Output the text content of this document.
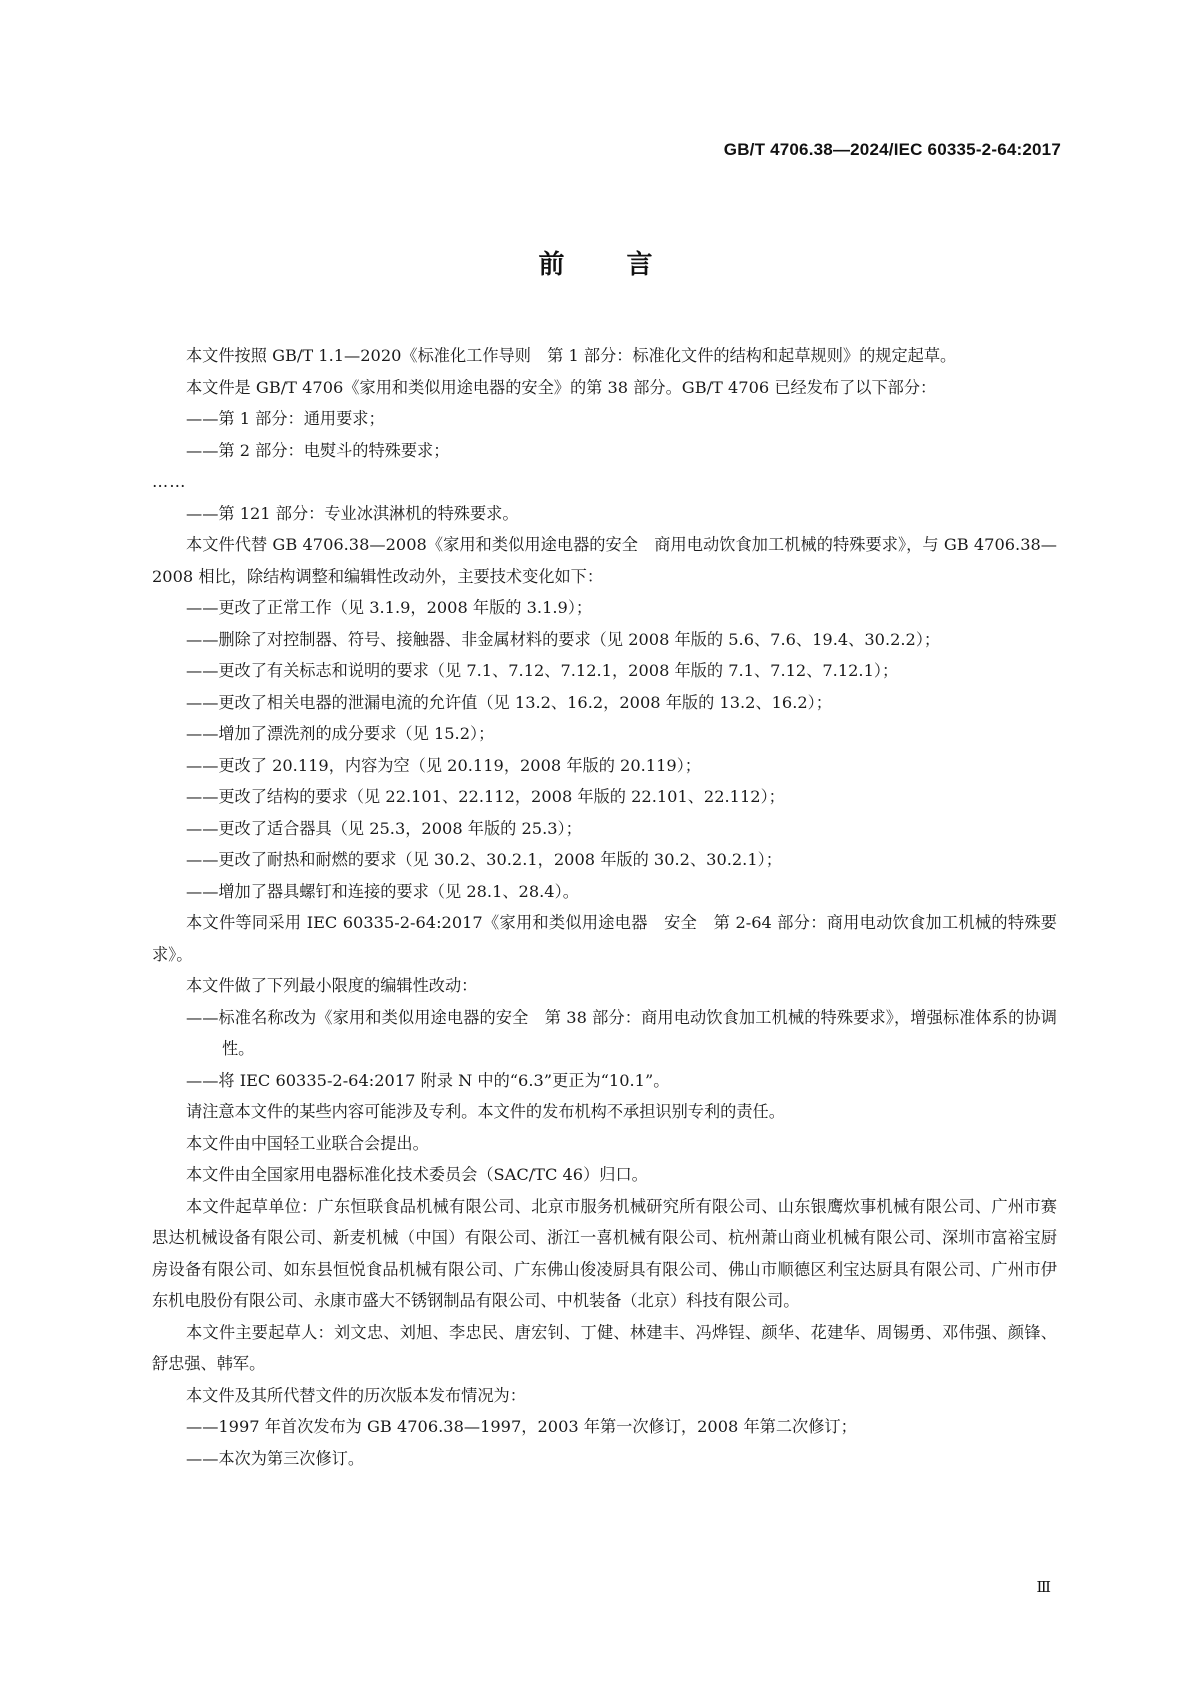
GB/T 4706.38—2024/IEC 60335-2-64:2017
前言

本文件按照 GB/T 1.1—2020《标准化工作导则　第 1 部分：标准化文件的结构和起草规则》的规定起草。

本文件是 GB/T 4706《家用和类似用途电器的安全》的第 38 部分。GB/T 4706 已经发布了以下部分：

——第 1 部分：通用要求；

——第 2 部分：电熨斗的特殊要求；

……

——第 121 部分：专业冰淇淋机的特殊要求。

本文件代替 GB 4706.38—2008《家用和类似用途电器的安全　商用电动饮食加工机械的特殊要求》，与 GB 4706.38—2008 相比，除结构调整和编辑性改动外，主要技术变化如下：

——更改了正常工作（见 3.1.9，2008 年版的 3.1.9）；

——删除了对控制器、符号、接触器、非金属材料的要求（见 2008 年版的 5.6、7.6、19.4、30.2.2）；

——更改了有关标志和说明的要求（见 7.1、7.12、7.12.1，2008 年版的 7.1、7.12、7.12.1）；

——更改了相关电器的泄漏电流的允许值（见 13.2、16.2，2008 年版的 13.2、16.2）；

——增加了漂洗剂的成分要求（见 15.2）；

——更改了 20.119，内容为空（见 20.119，2008 年版的 20.119）；

——更改了结构的要求（见 22.101、22.112，2008 年版的 22.101、22.112）；

——更改了适合器具（见 25.3，2008 年版的 25.3）；

——更改了耐热和耐燃的要求（见 30.2、30.2.1，2008 年版的 30.2、30.2.1）；

——增加了器具螺钉和连接的要求（见 28.1、28.4）。

本文件等同采用 IEC 60335-2-64:2017《家用和类似用途电器　安全　第 2-64 部分：商用电动饮食加工机械的特殊要求》。

本文件做了下列最小限度的编辑性改动：

——标准名称改为《家用和类似用途电器的安全　第 38 部分：商用电动饮食加工机械的特殊要求》，增强标准体系的协调性。

——将 IEC 60335-2-64:2017 附录 N 中的“6.3”更正为“10.1”。

请注意本文件的某些内容可能涉及专利。本文件的发布机构不承担识别专利的责任。

本文件由中国轻工业联合会提出。

本文件由全国家用电器标准化技术委员会（SAC/TC 46）归口。

本文件起草单位：广东恒联食品机械有限公司、北京市服务机械研究所有限公司、山东银鹰炊事机械有限公司、广州市赛思达机械设备有限公司、新麦机械（中国）有限公司、浙江一喜机械有限公司、杭州萧山商业机械有限公司、深圳市富裕宝厨房设备有限公司、如东县恒悦食品机械有限公司、广东佛山俊凌厨具有限公司、佛山市顺德区利宝达厨具有限公司、广州市伊东机电股份有限公司、永康市盛大不锈钢制品有限公司、中机装备（北京）科技有限公司。

本文件主要起草人：刘文忠、刘旭、李忠民、唐宏钊、丁健、林建丰、冯烨锃、颜华、花建华、周锡勇、邓伟强、颜锋、舒忠强、韩军。

本文件及其所代替文件的历次版本发布情况为：

——1997 年首次发布为 GB 4706.38—1997，2003 年第一次修订，2008 年第二次修订；

——本次为第三次修订。

Ⅲ
